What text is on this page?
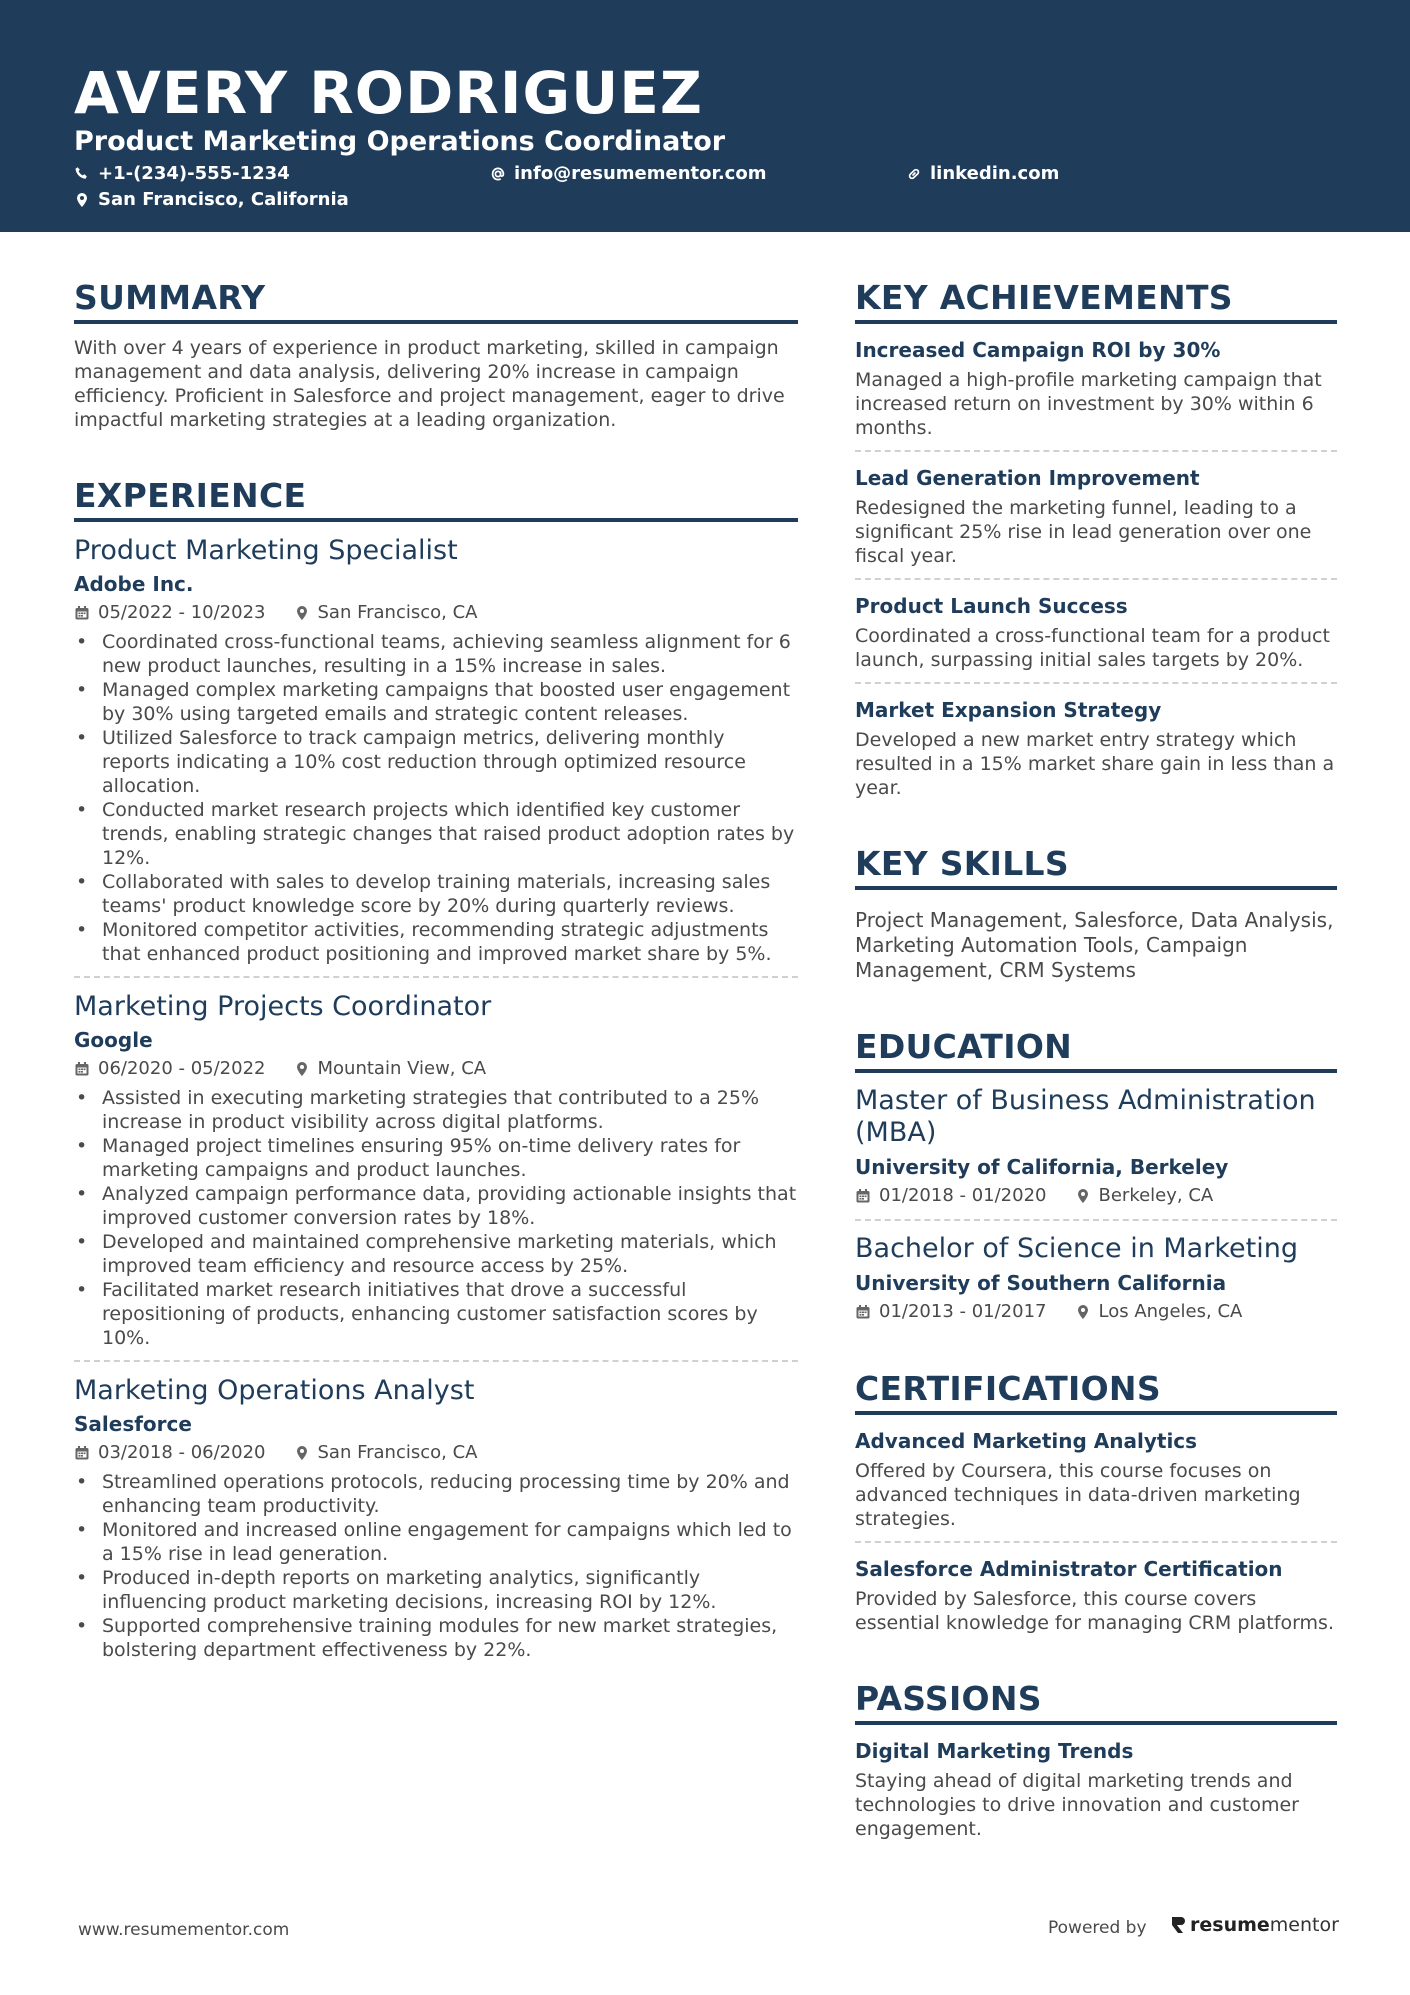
AVERY RODRIGUEZ
Product Marketing Operations Coordinator
+1-(234)-555-1234	info@resumementor.com	linkedin.com
San Francisco, California
SUMMARY
With over 4 years of experience in product marketing, skilled in campaign management and data analysis, delivering 20% increase in campaign efficiency. Proficient in Salesforce and project management, eager to drive impactful marketing strategies at a leading organization.
EXPERIENCE
Product Marketing Specialist
Adobe Inc.
05/2022 - 10/2023	San Francisco, CA
• Coordinated cross-functional teams, achieving seamless alignment for 6 new product launches, resulting in a 15% increase in sales.
• Managed complex marketing campaigns that boosted user engagement by 30% using targeted emails and strategic content releases.
• Utilized Salesforce to track campaign metrics, delivering monthly reports indicating a 10% cost reduction through optimized resource allocation.
• Conducted market research projects which identified key customer trends, enabling strategic changes that raised product adoption rates by 12%.
• Collaborated with sales to develop training materials, increasing sales teams' product knowledge score by 20% during quarterly reviews.
• Monitored competitor activities, recommending strategic adjustments that enhanced product positioning and improved market share by 5%.
Marketing Projects Coordinator
Google
06/2020 - 05/2022	Mountain View, CA
• Assisted in executing marketing strategies that contributed to a 25% increase in product visibility across digital platforms.
• Managed project timelines ensuring 95% on-time delivery rates for marketing campaigns and product launches.
• Analyzed campaign performance data, providing actionable insights that improved customer conversion rates by 18%.
• Developed and maintained comprehensive marketing materials, which improved team efficiency and resource access by 25%.
• Facilitated market research initiatives that drove a successful repositioning of products, enhancing customer satisfaction scores by 10%.
Marketing Operations Analyst
Salesforce
03/2018 - 06/2020	San Francisco, CA
• Streamlined operations protocols, reducing processing time by 20% and enhancing team productivity.
• Monitored and increased online engagement for campaigns which led to a 15% rise in lead generation.
• Produced in-depth reports on marketing analytics, significantly influencing product marketing decisions, increasing ROI by 12%.
• Supported comprehensive training modules for new market strategies, bolstering department effectiveness by 22%.
KEY ACHIEVEMENTS
Increased Campaign ROI by 30%
Managed a high-profile marketing campaign that increased return on investment by 30% within 6 months.
Lead Generation Improvement
Redesigned the marketing funnel, leading to a significant 25% rise in lead generation over one fiscal year.
Product Launch Success
Coordinated a cross-functional team for a product launch, surpassing initial sales targets by 20%.
Market Expansion Strategy
Developed a new market entry strategy which resulted in a 15% market share gain in less than a year.
KEY SKILLS
Project Management, Salesforce, Data Analysis, Marketing Automation Tools, Campaign Management, CRM Systems
EDUCATION
Master of Business Administration (MBA)
University of California, Berkeley
01/2018 - 01/2020	Berkeley, CA
Bachelor of Science in Marketing
University of Southern California
01/2013 - 01/2017	Los Angeles, CA
CERTIFICATIONS
Advanced Marketing Analytics
Offered by Coursera, this course focuses on advanced techniques in data-driven marketing strategies.
Salesforce Administrator Certification
Provided by Salesforce, this course covers essential knowledge for managing CRM platforms.
PASSIONS
Digital Marketing Trends
Staying ahead of digital marketing trends and technologies to drive innovation and customer engagement.
www.resumementor.com	Powered by resume mentor
